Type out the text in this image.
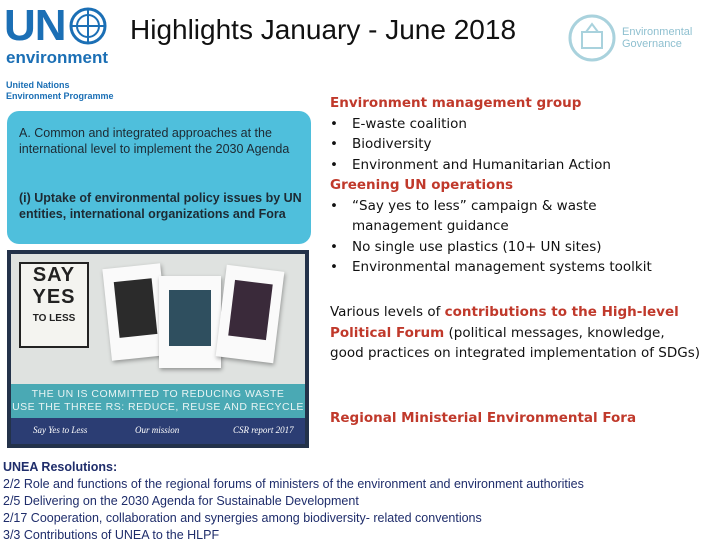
UN
environment
United Nations
Environment Programme
Highlights January - June 2018	Environmental
Governance
A. Common and integrated approaches at the international level to implement the 2030 Agenda
(i) Uptake of environmental policy issues by UN entities, international organizations and Fora
SAY
YES
TO LESS
THE UN IS COMMITTED TO REDUCING WASTE
USE THE THREE RS: REDUCE, REUSE AND RECYCLE
Say Yes to Less	Our mission	CSR report 2017
Environment management group
• E-waste coalition
• Biodiversity
• Environment and Humanitarian Action
Greening UN operations
• “Say yes to less” campaign & waste
management guidance
• No single use plastics (10+ UN sites)
• Environmental management systems toolkit
Various levels of contributions to the High-level Political Forum (political messages, knowledge, good practices on integrated implementation of SDGs)
Regional Ministerial Environmental Fora
UNEA Resolutions:
2/2 Role and functions of the regional forums of ministers of the environment and environment authorities
2/5 Delivering on the 2030 Agenda for Sustainable Development
2/17 Cooperation, collaboration and synergies among biodiversity- related conventions
3/3 Contributions of UNEA to the HLPF
